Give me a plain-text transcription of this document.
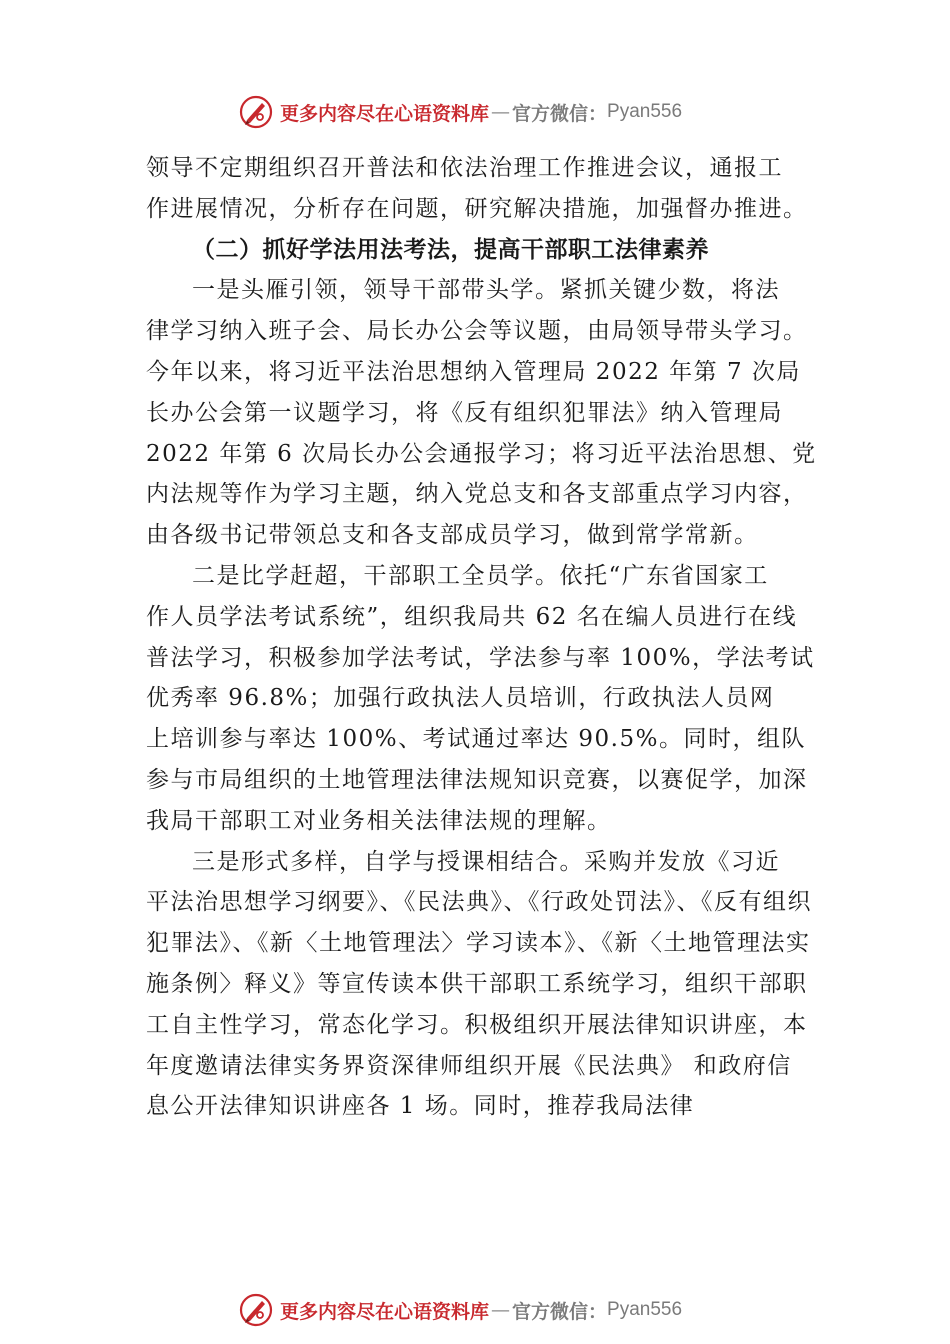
更多内容尽在心语资料库 — 官方微信： Pyan556
领导不定期组织召开普法和依法治理工作推进会议，通报工
作进展情况，分析存在问题，研究解决措施，加强督办推进。
（二）抓好学法用法考法，提高干部职工法律素养
一是头雁引领，领导干部带头学。紧抓关键少数，将法
律学习纳入班子会、局长办公会等议题，由局领导带头学习。
今年以来，将习近平法治思想纳入管理局 2022 年第 7 次局
长办公会第一议题学习，将《反有组织犯罪法》纳入管理局
2022 年第 6 次局长办公会通报学习；将习近平法治思想、党
内法规等作为学习主题，纳入党总支和各支部重点学习内容，
由各级书记带领总支和各支部成员学习，做到常学常新。
二是比学赶超，干部职工全员学。依托“广东省国家工
作人员学法考试系统”，组织我局共 62 名在编人员进行在线
普法学习，积极参加学法考试，学法参与率 100%，学法考试
优秀率 96.8%；加强行政执法人员培训，行政执法人员网
上培训参与率达 100%、考试通过率达 90.5%。同时，组队
参与市局组织的土地管理法律法规知识竞赛，以赛促学，加深
我局干部职工对业务相关法律法规的理解。
三是形式多样，自学与授课相结合。采购并发放《习近
平法治思想学习纲要》、《民法典》、《行政处罚法》、《反有组织
犯罪法》、《新〈土地管理法〉学习读本》、《新〈土地管理法实
施条例〉释义》等宣传读本供干部职工系统学习，组织干部职
工自主性学习，常态化学习。积极组织开展法律知识讲座，本
年度邀请法律实务界资深律师组织开展《民法典》 和政府信
息公开法律知识讲座各 1 场。同时，推荐我局法律
更多内容尽在心语资料库 — 官方微信： Pyan556
